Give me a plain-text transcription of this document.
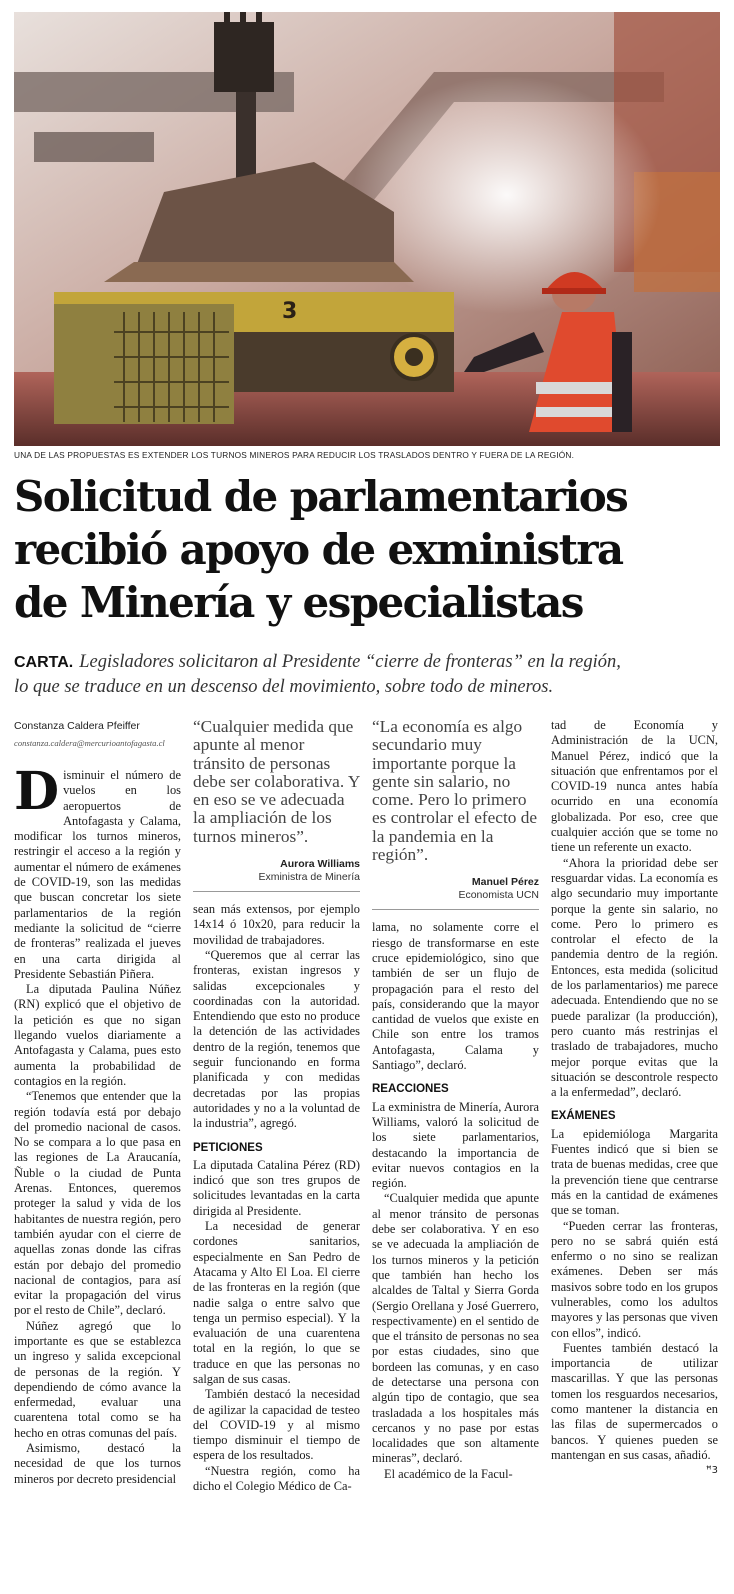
3
UNA DE LAS PROPUESTAS ES EXTENDER LOS TURNOS MINEROS PARA REDUCIR LOS TRASLADOS DENTRO Y FUERA DE LA REGIÓN.
Solicitud de parlamentarios
recibió apoyo de exministra
de Minería y especialistas
CARTA. Legisladores solicitaron al Presidente “cierre de fronteras” en la región,
lo que se traduce en un descenso del movimiento, sobre todo de mineros.
Constanza Caldera Pfeiffer
constanza.caldera@mercurioantofagasta.cl

Disminuir el número de vuelos en los aeropuertos de Antofagasta y Calama, modificar los turnos mineros, restringir el acceso a la región y aumentar el número de exámenes de COVID-19, son las medidas que buscan concretar los siete parlamentarios de la región mediante la solicitud de “cierre de fronteras” realizada el jueves en una carta dirigida al Presidente Sebastián Piñera.

La diputada Paulina Núñez (RN) explicó que el objetivo de la petición es que no sigan llegando vuelos diariamente a Antofagasta y Calama, pues esto aumenta la probabilidad de contagios en la región.

“Tenemos que entender que la región todavía está por debajo del promedio nacional de casos. No se compara a lo que pasa en las regiones de La Araucanía, Ñuble o la ciudad de Punta Arenas. Entonces, queremos proteger la salud y vida de los habitantes de nuestra región, pero también ayudar con el cierre de aquellas zonas donde las cifras están por debajo del promedio nacional de contagios, para así evitar la propagación del virus por el resto de Chile”, declaró.

Núñez agregó que lo importante es que se establezca un ingreso y salida excepcional de personas de la región. Y dependiendo de cómo avance la enfermedad, evaluar una cuarentena total como se ha hecho en otras comunas del país.

Asimismo, destacó la necesidad de que los turnos mineros por decreto presidencial

“Cualquier medida que apunte al menor tránsito de personas debe ser colaborativa. Y en eso se ve adecuada la ampliación de los turnos mineros”.
Aurora Williams
Exministra de Minería

sean más extensos, por ejemplo 14x14 ó 10x20, para reducir la movilidad de trabajadores.

“Queremos que al cerrar las fronteras, existan ingresos y salidas excepcionales y coordinadas con la autoridad. Entendiendo que esto no produce la detención de las actividades dentro de la región, tenemos que seguir funcionando en forma planificada y con medidas decretadas por las propias autoridades y no a la voluntad de la industria”, agregó.

PETICIONES

La diputada Catalina Pérez (RD) indicó que son tres grupos de solicitudes levantadas en la carta dirigida al Presidente.

La necesidad de generar cordones sanitarios, especialmente en San Pedro de Atacama y Alto El Loa. El cierre de las fronteras en la región (que nadie salga o entre salvo que tenga un permiso especial). Y la evaluación de una cuarentena total en la región, lo que se traduce en que las personas no salgan de sus casas.

También destacó la necesidad de agilizar la capacidad de testeo del COVID-19 y al mismo tiempo disminuir el tiempo de espera de los resultados.

“Nuestra región, como ha dicho el Colegio Médico de Ca-

“La economía es algo secundario muy importante porque la gente sin salario, no come. Pero lo primero es controlar el efecto de la pandemia en la región”.
Manuel Pérez
Economista UCN

lama, no solamente corre el riesgo de transformarse en este cruce epidemiológico, sino que también de ser un flujo de propagación para el resto del país, considerando que la mayor cantidad de vuelos que existe en Chile son entre los tramos Antofagasta, Calama y Santiago”, declaró.

REACCIONES

La exministra de Minería, Aurora Williams, valoró la solicitud de los siete parlamentarios, destacando la importancia de evitar nuevos contagios en la región.

“Cualquier medida que apunte al menor tránsito de personas debe ser colaborativa. Y en eso se ve adecuada la ampliación de los turnos mineros y la petición que también han hecho los alcaldes de Taltal y Sierra Gorda (Sergio Orellana y José Guerrero, respectivamente) en el sentido de que el tránsito de personas no sea por estas ciudades, sino que bordeen las comunas, y en caso de detectarse una persona con algún tipo de contagio, que sea trasladada a los hospitales más cercanos y no pase por estas localidades que son altamente mineras”, declaró.

El académico de la Facul-

tad de Economía y Administración de la UCN, Manuel Pérez, indicó que la situación que enfrentamos por el COVID-19 nunca antes había ocurrido en una economía globalizada. Por eso, cree que cualquier acción que se tome no tiene un referente un exacto.

“Ahora la prioridad debe ser resguardar vidas. La economía es algo secundario muy importante porque la gente sin salario, no come. Pero lo primero es controlar el efecto de la pandemia dentro de la región. Entonces, esta medida (solicitud de los parlamentarios) me parece adecuada. Entendiendo que no se puede paralizar (la producción), pero cuanto más restrinjas el traslado de trabajadores, mucho mejor porque evitas que la situación se descontrole respecto a la enfermedad”, declaró.

EXÁMENES

La epidemióloga Margarita Fuentes indicó que si bien se trata de buenas medidas, cree que la prevención tiene que centrarse más en la cantidad de exámenes que se toman.

“Pueden cerrar las fronteras, pero no se sabrá quién está enfermo o no sino se realizan exámenes. Deben ser más masivos sobre todo en los grupos vulnerables, como los adultos mayores y las personas que viven con ellos”, indicó.

Fuentes también destacó la importancia de utilizar mascarillas. Y que las personas tomen los resguardos necesarios, como mantener la distancia en las filas de supermercados o bancos. Y quienes pueden se mantengan en sus casas, añadió.
ꟸ3
